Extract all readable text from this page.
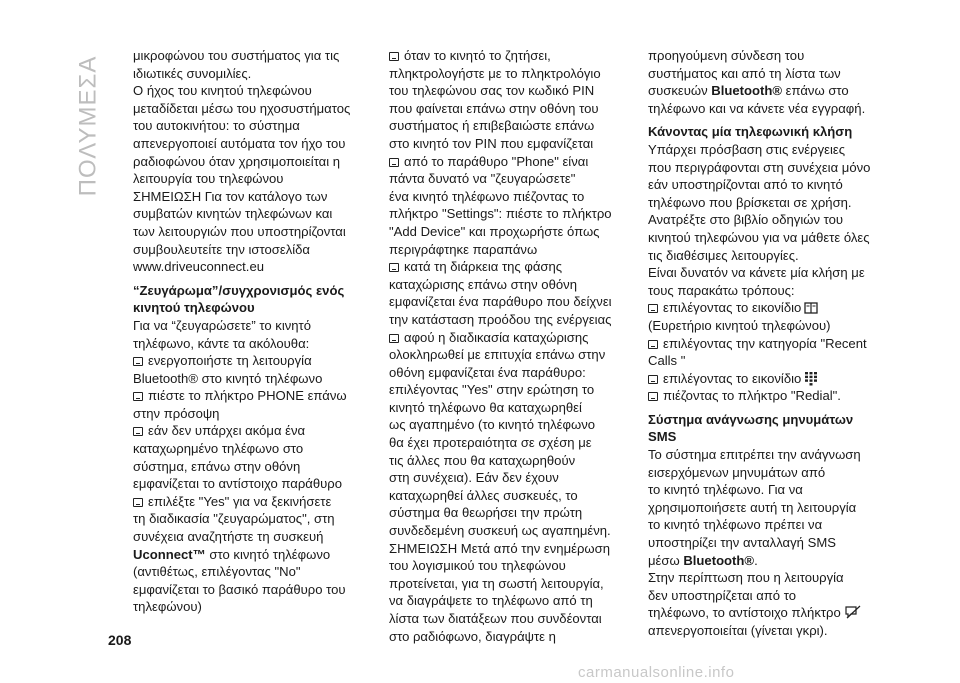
ΠΟΛΥΜΕΣΑ
μικροφώνου του συστήματος για τις
ιδιωτικές συνομιλίες.
Ο ήχος του κινητού τηλεφώνου
μεταδίδεται μέσω του ηχοσυστήματος
του αυτοκινήτου: το σύστημα
απενεργοποιεί αυτόματα τον ήχο του
ραδιοφώνου όταν χρησιμοποιείται η
λειτουργία του τηλεφώνου
ΣΗΜΕΙΩΣΗ Για τον κατάλογο των
συμβατών κινητών τηλεφώνων και
των λειτουργιών που υποστηρίζονται
συμβουλευτείτε την ιστοσελίδα
www.driveuconnect.eu
“Ζευγάρωμα”/συγχρονισμός ενός
κινητού τηλεφώνου
Για να “ζευγαρώσετε” το κινητό
τηλέφωνο, κάντε τα ακόλουθα:
ενεργοποιήστε τη λειτουργία
Bluetooth® στο κινητό τηλέφωνο
πιέστε το πλήκτρο PHONE επάνω
στην πρόσοψη
εάν δεν υπάρχει ακόμα ένα
καταχωρημένο τηλέφωνο στο
σύστημα, επάνω στην οθόνη
εμφανίζεται το αντίστοιχο παράθυρο
επιλέξτε "Yes" για να ξεκινήσετε
τη διαδικασία "ζευγαρώματος", στη
συνέχεια αναζητήστε τη συσκευή
Uconnect™ στο κινητό τηλέφωνο
(αντιθέτως, επιλέγοντας "No"
εμφανίζεται το βασικό παράθυρο του
τηλεφώνου)
όταν το κινητό το ζητήσει,
πληκτρολογήστε με το πληκτρολόγιο
του τηλεφώνου σας τον κωδικό PIN
που φαίνεται επάνω στην οθόνη του
συστήματος ή επιβεβαιώστε επάνω
στο κινητό τον PIN που εμφανίζεται
από το παράθυρο "Phone" είναι
πάντα δυνατό να "ζευγαρώσετε"
ένα κινητό τηλέφωνο πιέζοντας το
πλήκτρο "Settings": πιέστε το πλήκτρο
"Add Device" και προχωρήστε όπως
περιγράφτηκε παραπάνω
κατά τη διάρκεια της φάσης
καταχώρισης επάνω στην οθόνη
εμφανίζεται ένα παράθυρο που δείχνει
την κατάσταση προόδου της ενέργειας
αφού η διαδικασία καταχώρισης
ολοκληρωθεί με επιτυχία επάνω στην
οθόνη εμφανίζεται ένα παράθυρο:
επιλέγοντας "Yes" στην ερώτηση το
κινητό τηλέφωνο θα καταχωρηθεί
ως αγαπημένο (το κινητό τηλέφωνο
θα έχει προτεραιότητα σε σχέση με
τις άλλες που θα καταχωρηθούν
στη συνέχεια). Εάν δεν έχουν
καταχωρηθεί άλλες συσκευές, το
σύστημα θα θεωρήσει την πρώτη
συνδεδεμένη συσκευή ως αγαπημένη.
ΣΗΜΕΙΩΣΗ Μετά από την ενημέρωση
του λογισμικού του τηλεφώνου
προτείνεται, για τη σωστή λειτουργία,
να διαγράψετε το τηλέφωνο από τη
λίστα των διατάξεων που συνδέονται
στο ραδιόφωνο, διαγράψτε η
προηγούμενη σύνδεση του
συστήματος και από τη λίστα των
συσκευών Bluetooth® επάνω στο
τηλέφωνο και να κάνετε νέα εγγραφή.
Κάνοντας μία τηλεφωνική κλήση
Υπάρχει πρόσβαση στις ενέργειες
που περιγράφονται στη συνέχεια μόνο
εάν υποστηρίζονται από το κινητό
τηλέφωνο που βρίσκεται σε χρήση.
Ανατρέξτε στο βιβλίο οδηγιών του
κινητού τηλεφώνου για να μάθετε όλες
τις διαθέσιμες λειτουργίες.
Είναι δυνατόν να κάνετε μία κλήση με
τους παρακάτω τρόπους:
επιλέγοντας το εικονίδιο
(Ευρετήριο κινητού τηλεφώνου)
επιλέγοντας την κατηγορία "Recent
Calls "
επιλέγοντας το εικονίδιο
πιέζοντας το πλήκτρο "Redial".
Σύστημα ανάγνωσης μηνυμάτων
SMS
Το σύστημα επιτρέπει την ανάγνωση
εισερχόμενων μηνυμάτων από
το κινητό τηλέφωνο. Για να
χρησιμοποιήσετε αυτή τη λειτουργία
το κινητό τηλέφωνο πρέπει να
υποστηρίζει την ανταλλαγή SMS
μέσω Bluetooth®.
Στην περίπτωση που η λειτουργία
δεν υποστηρίζεται από το
τηλέφωνο, το αντίστοιχο πλήκτρο
απενεργοποιείται (γίνεται γκρι).
208
carmanualsonline.info
